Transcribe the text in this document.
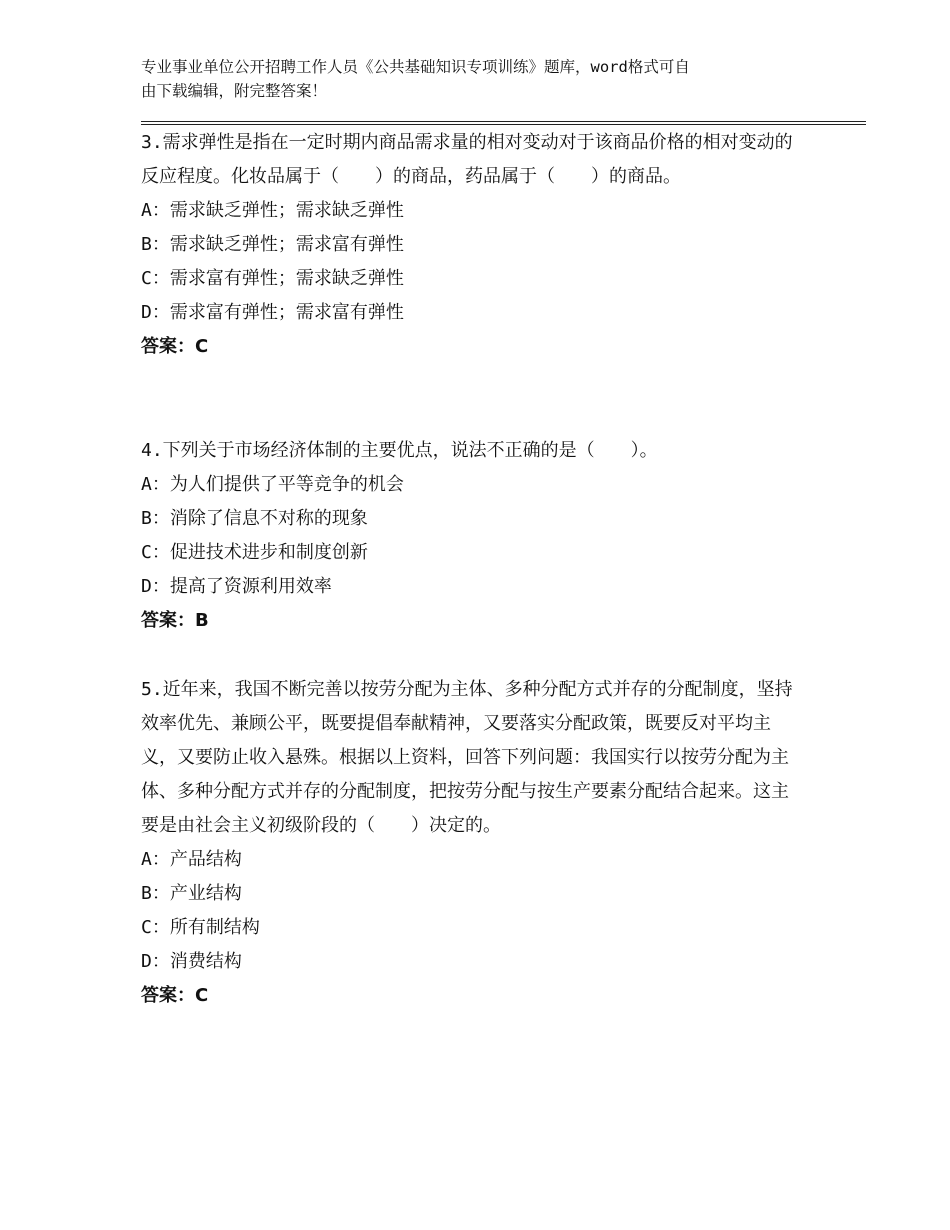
专业事业单位公开招聘工作人员《公共基础知识专项训练》题库，word格式可自
由下载编辑，附完整答案！

3.需求弹性是指在一定时期内商品需求量的相对变动对于该商品价格的相对变动的反应程度。化妆品属于（　　）的商品，药品属于（　　）的商品。

A：需求缺乏弹性；需求缺乏弹性

B：需求缺乏弹性；需求富有弹性

C：需求富有弹性；需求缺乏弹性

D：需求富有弹性；需求富有弹性

答案：C

4.下列关于市场经济体制的主要优点，说法不正确的是（　　）。

A：为人们提供了平等竞争的机会

B：消除了信息不对称的现象

C：促进技术进步和制度创新

D：提高了资源利用效率

答案：B

5.近年来，我国不断完善以按劳分配为主体、多种分配方式并存的分配制度，坚持效率优先、兼顾公平，既要提倡奉献精神，又要落实分配政策，既要反对平均主义，又要防止收入悬殊。根据以上资料，回答下列问题：我国实行以按劳分配为主体、多种分配方式并存的分配制度，把按劳分配与按生产要素分配结合起来。这主要是由社会主义初级阶段的（　　）决定的。

A：产品结构

B：产业结构

C：所有制结构

D：消费结构

答案：C
